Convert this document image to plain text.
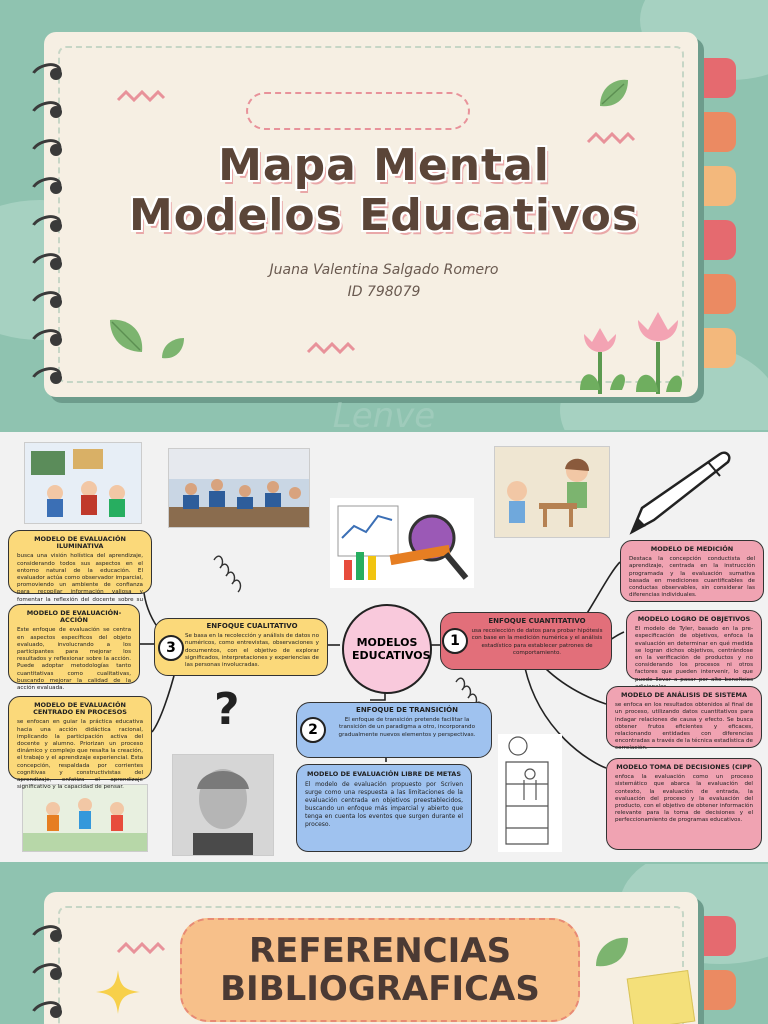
Mapa Mental
Modelos Educativos
Juana Valentina Salgado Romero
ID 798079
Lenve
?
MODELOS EDUCATIVOS
ENFOQUE CUANTITATIVO
usa recolección de datos para probar hipótesis con base en la medición numérica y el análisis estadístico para establecer patrones de comportamiento.
1
ENFOQUE DE TRANSICIÓN
El enfoque de transición pretende facilitar la transición de un paradigma a otro, incorporando gradualmente nuevos elementos y perspectivas.
2
ENFOQUE CUALITATIVO
Se basa en la recolección y análisis de datos no numéricos, como entrevistas, observaciones y documentos, con el objetivo de explorar significados, interpretaciones y experiencias de las personas involucradas.
3
MODELO DE EVALUACIÓN ILUMINATIVA
busca una visión holística del aprendizaje, considerando todos sus aspectos en el entorno natural de la educación. El evaluador actúa como observador imparcial, promoviendo un ambiente de confianza para recopilar información valiosa y fomentar la reflexión del docente sobre su
MODELO DE EVALUACIÓN-ACCIÓN
Este enfoque de evaluación se centra en aspectos específicos del objeto evaluado, involucrando a los participantes para mejorar los resultados y reflexionar sobre la acción. Puede adoptar metodologías tanto cuantitativas como cualitativas, buscando mejorar la calidad de la acción evaluada.
MODELO DE EVALUACIÓN CENTRADO EN PROCESOS
se enfocan en guiar la práctica educativa hacia una acción didáctica racional, implicando la participación activa del docente y alumno. Priorizan un proceso dinámico y complejo que resalta la creación, el trabajo y el aprendizaje experiencial. Esta concepción, respaldada por corrientes cognitivas y constructivistas del aprendizaje, enfatiza el aprendizaje significativo y la capacidad de pensar.
MODELO DE MEDICIÓN
Destaca la concepción conductista del aprendizaje, centrada en la instrucción programada y la evaluación sumativa basada en mediciones cuantificables de conductas observables, sin considerar las diferencias individuales.
MODELO LOGRO DE OBJETIVOS
El modelo de Tyler, basado en la pre-especificación de objetivos, enfoca la evaluación en determinar en qué medida se logran dichos objetivos, centrándose en la verificación de productos y no considerando los procesos ni otros factores que pueden intervenir, lo que puede llevar a pasar por alto beneficios
MODELO DE ANÁLISIS DE SISTEMA
se enfoca en los resultados obtenidos al final de un proceso, utilizando datos cuantitativos para indagar relaciones de causa y efecto. Se busca obtener frutos eficientes y eficaces, relacionando entidades con diferencias encontradas a través de la técnica estadística de correlación.
MODELO TOMA DE DECISIONES (CIPP
enfoca la evaluación como un proceso sistemático que abarca la evaluación del contexto, la evaluación de entrada, la evaluación del proceso y la evaluación del producto, con el objetivo de obtener información relevante para la toma de decisiones y el perfeccionamiento de programas educativos.
MODELO DE EVALUACIÓN LIBRE DE METAS
El modelo de evaluación propuesto por Scriven surge como una respuesta a las limitaciones de la evaluación centrada en objetivos preestablecidos, buscando un enfoque más imparcial y abierto que tenga en cuenta los eventos que surgen durante el proceso.
REFERENCIAS
BIBLIOGRAFICAS
